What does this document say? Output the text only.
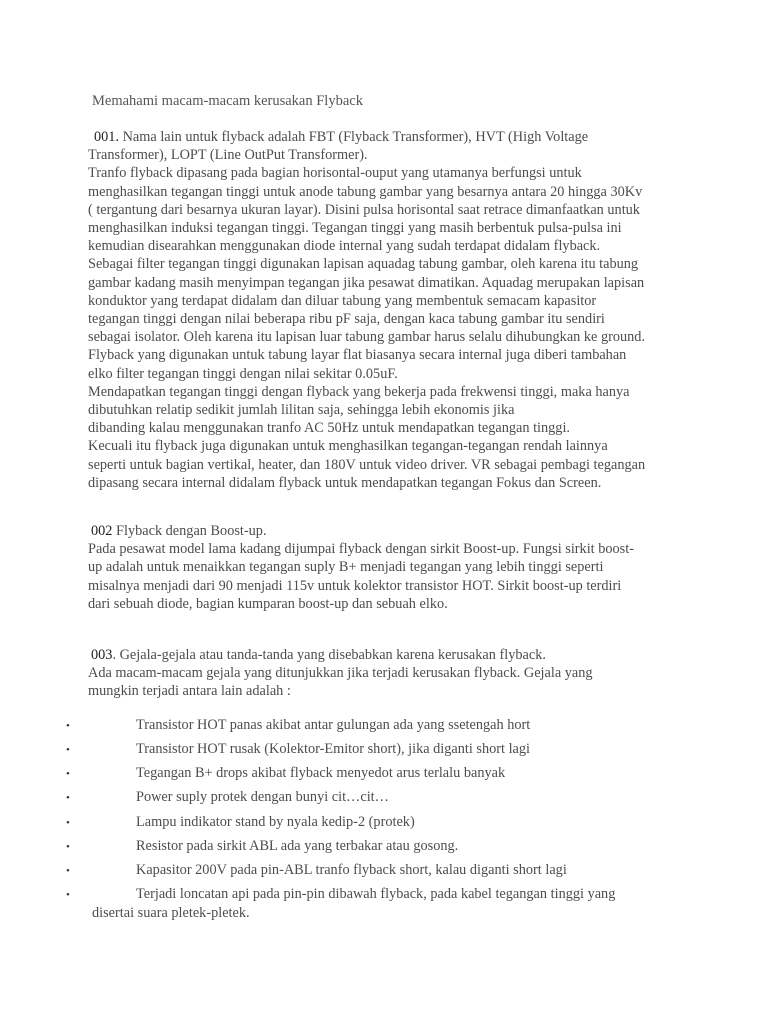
Memahami macam-macam kerusakan Flyback
001. Nama lain untuk flyback adalah FBT (Flyback Transformer), HVT (High Voltage
Transformer), LOPT (Line OutPut Transformer).
Tranfo flyback dipasang pada bagian horisontal-ouput yang utamanya berfungsi untuk
menghasilkan tegangan tinggi untuk anode tabung gambar yang besarnya antara 20 hingga 30Kv
( tergantung dari besarnya ukuran layar). Disini pulsa horisontal saat retrace dimanfaatkan untuk
menghasilkan induksi tegangan tinggi. Tegangan tinggi yang masih berbentuk pulsa-pulsa ini
kemudian disearahkan menggunakan diode internal yang sudah terdapat didalam flyback.
Sebagai filter tegangan tinggi digunakan lapisan aquadag tabung gambar, oleh karena itu tabung
gambar kadang masih menyimpan tegangan jika pesawat dimatikan. Aquadag merupakan lapisan
konduktor yang terdapat didalam dan diluar tabung yang membentuk semacam kapasitor
tegangan tinggi dengan nilai beberapa ribu pF saja, dengan kaca tabung gambar itu sendiri
sebagai isolator. Oleh karena itu lapisan luar tabung gambar harus selalu dihubungkan ke ground.
Flyback yang digunakan untuk tabung layar flat biasanya secara internal juga diberi tambahan
elko filter tegangan tinggi dengan nilai sekitar 0.05uF.
Mendapatkan tegangan tinggi dengan flyback yang bekerja pada frekwensi tinggi, maka hanya
dibutuhkan relatip sedikit jumlah lilitan saja, sehingga lebih ekonomis jika
dibanding kalau menggunakan tranfo AC 50Hz untuk mendapatkan tegangan tinggi.
Kecuali itu flyback juga digunakan untuk menghasilkan tegangan-tegangan rendah lainnya
seperti untuk bagian vertikal, heater, dan 180V untuk video driver. VR sebagai pembagi tegangan
dipasang secara internal didalam flyback untuk mendapatkan tegangan Fokus dan Screen.
002 Flyback dengan Boost-up.
Pada pesawat model lama kadang dijumpai flyback dengan sirkit Boost-up. Fungsi sirkit boost-
up adalah untuk menaikkan tegangan suply B+ menjadi tegangan yang lebih tinggi seperti
misalnya menjadi dari 90 menjadi 115v untuk kolektor transistor HOT. Sirkit boost-up terdiri
dari sebuah diode, bagian kumparan boost-up dan sebuah elko.
003. Gejala-gejala atau tanda-tanda yang disebabkan karena kerusakan flyback.
Ada macam-macam gejala yang ditunjukkan jika terjadi kerusakan flyback. Gejala yang
mungkin terjadi antara lain adalah :
•	Transistor HOT panas akibat antar gulungan ada yang ssetengah hort
•	Transistor HOT rusak (Kolektor-Emitor short), jika diganti short lagi
•	Tegangan B+ drops akibat flyback menyedot arus terlalu banyak
•	Power suply protek dengan bunyi cit…cit…
•	Lampu indikator stand by nyala kedip-2 (protek)
•	Resistor pada sirkit ABL ada yang terbakar atau gosong.
•	Kapasitor 200V pada pin-ABL tranfo flyback short, kalau diganti short lagi
•	Terjadi loncatan api pada pin-pin dibawah flyback, pada kabel tegangan tinggi yang
disertai suara pletek-pletek.
